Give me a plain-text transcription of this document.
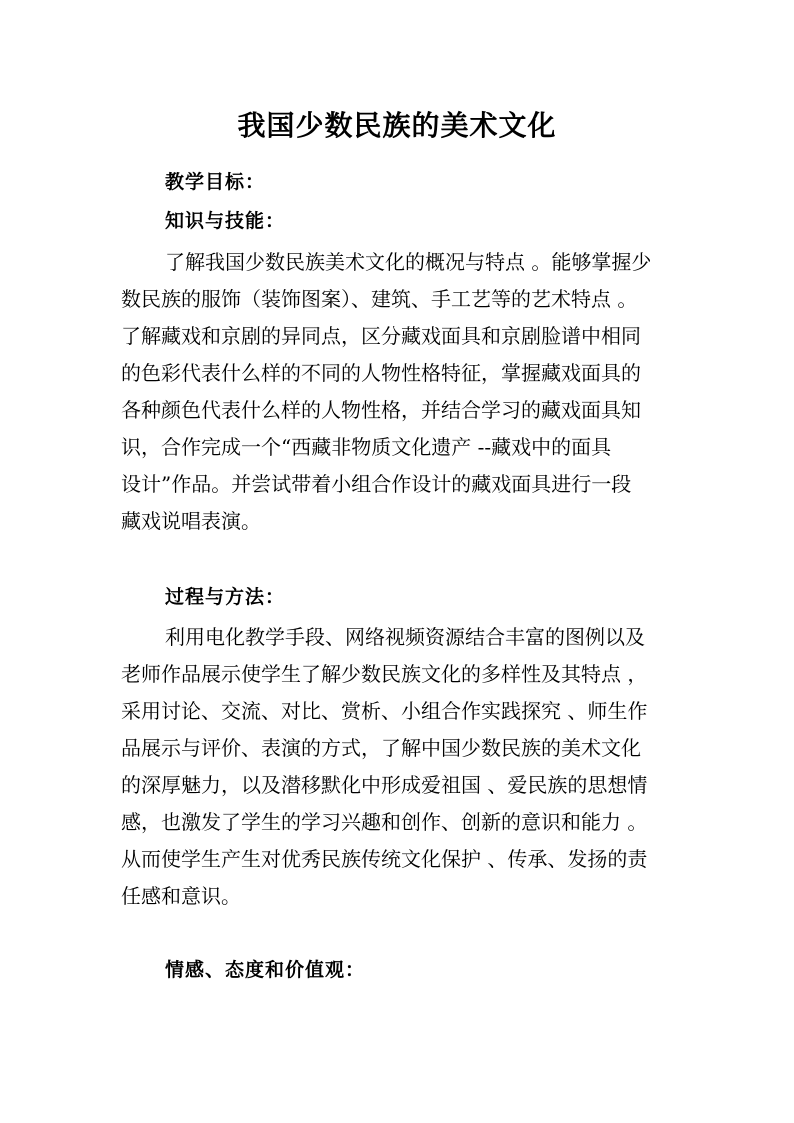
我国少数民族的美术文化
教学目标：
知识与技能：
了解我国少数民族美术文化的概况与特点 。能够掌握少
数民族的服饰（装饰图案）、建筑、手工艺等的艺术特点 。
了解藏戏和京剧的异同点，区分藏戏面具和京剧脸谱中相同
的色彩代表什么样的不同的人物性格特征，掌握藏戏面具的
各种颜色代表什么样的人物性格，并结合学习的藏戏面具知
识，合作完成一个“西藏非物质文化遗产 --藏戏中的面具
设计”作品。并尝试带着小组合作设计的藏戏面具进行一段
藏戏说唱表演。
过程与方法：
利用电化教学手段、网络视频资源结合丰富的图例以及
老师作品展示使学生了解少数民族文化的多样性及其特点 ，
采用讨论、交流、对比、赏析、小组合作实践探究 、师生作
品展示与评价、表演的方式，了解中国少数民族的美术文化
的深厚魅力，以及潜移默化中形成爱祖国 、爱民族的思想情
感，也激发了学生的学习兴趣和创作、创新的意识和能力 。
从而使学生产生对优秀民族传统文化保护 、传承、发扬的责
任感和意识。
情感、态度和价值观：
